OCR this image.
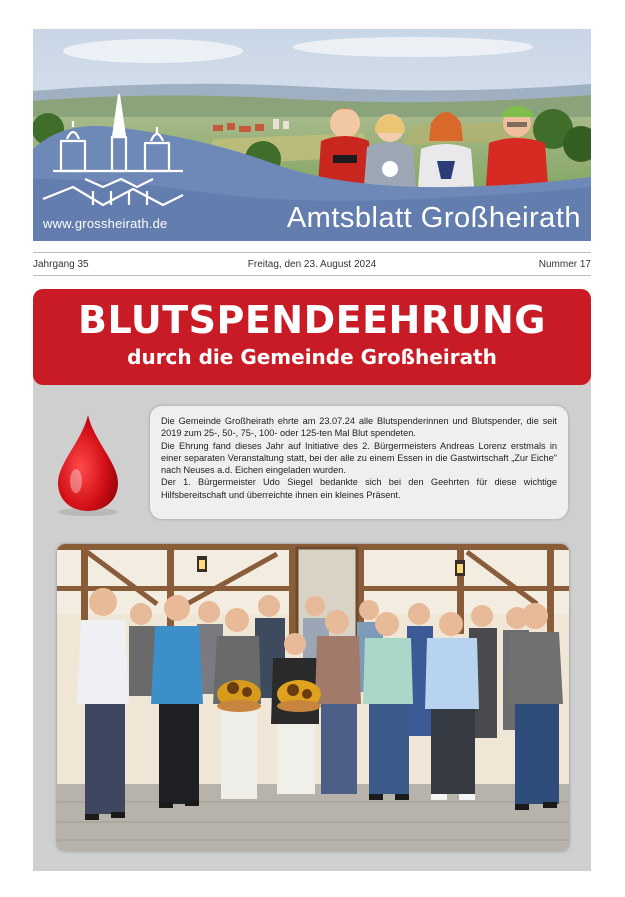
www.grossheirath.de	Amtsblatt Großheirath
Jahrgang 35	Freitag, den 23. August 2024	Nummer 17
BLUTSPENDEEHRUNG
durch die Gemeinde Großheirath

Die Gemeinde Großheirath ehrte am 23.07.24 alle Blutspenderinnen und Blutspender, die seit 2019 zum 25-, 50-, 75-, 100- oder 125-ten Mal Blut spendeten.

Die Ehrung fand dieses Jahr auf Initiative des 2. Bürgermeisters Andreas Lorenz erstmals in einer separaten Veranstaltung statt, bei der alle zu einem Essen in die Gastwirtschaft „Zur Eiche" nach Neuses a.d. Eichen eingeladen wurden.

Der 1. Bürgermeister Udo Siegel bedankte sich bei den Geehrten für diese wichtige Hilfsbereitschaft und überreichte ihnen ein kleines Präsent.
